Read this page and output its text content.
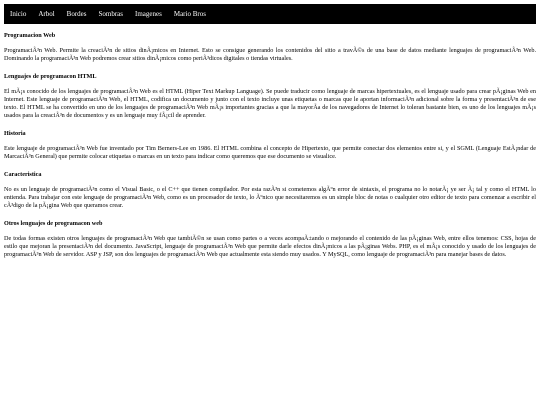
Inicio Arbol Bordes Sombras Imagenes Mario Bros
Programacion Web

ProgramaciÃ³n Web. Permite la creaciÃ³n de sitios dinÃ¡micos en Internet. Esto se consigue generando los contenidos del sitio a travÃ©s de una base de datos mediante lenguajes de programaciÃ³n Web. Dominando la programaciÃ³n Web podremos crear sitios dinÃ¡micos como periÃ³dicos digitales o tiendas virtuales.

Lenguajes de programacon HTML

El mÃ¡s conocido de los lenguajes de programaciÃ³n Web es el HTML (Hiper Text Markup Language). Se puede traducir como lenguaje de marcas hipertextuales, es el lenguaje usado para crear pÃ¡ginas Web en Internet. Este lenguaje de programaciÃ³n Web, el HTML, codifica un documento y junto con el texto incluye unas etiquetas o marcas que le aportan informaciÃ³n adicional sobre la forma y presentaciÃ³n de ese texto. El HTML se ha convertido en uno de los lenguajes de programaciÃ³n Web mÃ¡s importantes gracias a que la mayorÃa de los navegadores de Internet lo toleran bastante bien, es uno de los lenguajes mÃ¡s usados para la creaciÃ³n de documentos y es un lenguaje muy fÃ¡cil de aprender.

Historia

Este lenguaje de programaciÃ³n Web fue inventado por Tim Berners-Lee en 1986. El HTML combina el concepto de Hipertexto, que permite conectar dos elementos entre si, y el SGML (Lenguaje EstÃ¡ndar de MarcaciÃ³n General) que permite colocar etiquetas o marcas en un texto para indicar como queremos que ese documento se visualice.

Caracteristica

No es un lenguaje de programaciÃ³n como el Visual Basic, o el C++ que tienen compilador. Por esta razÃ³n si cometemos algÃºn error de sintaxis, el programa no lo notarÃ¡ ye ser Ã¡ tal y como el HTML lo entienda. Para trabajar con este lenguaje de programaciÃ³n Web, como es un procesador de texto, lo Ãºnico que necesitaremos es un simple bloc de notas o cualquier otro editor de texto para comenzar a escribir el cÃ³digo de la pÃ¡gina Web que queramos crear.

Otros lenguajes de programacon web

De todas formas existen otros lenguajes de programaciÃ³n Web que tambiÃ©n se usan como partes o a veces acompaÃ±ando o mejorando el contenido de las pÃ¡ginas Web, entre ellos tenemos: CSS, hojas de estilo que mejoran la presentaciÃ³n del documento. JavaScript, lenguaje de programaciÃ³n Web que permite darle efectos dinÃ¡micos a las pÃ¡ginas Webs. PHP, es el mÃ¡s conocido y usado de los lenguajes de programaciÃ³n Web de servidor. ASP y JSP, son dos lenguajes de programaciÃ³n Web que actualmente esta siendo muy usados. Y MySQL, como lenguaje de programaciÃ³n para manejar bases de datos.
